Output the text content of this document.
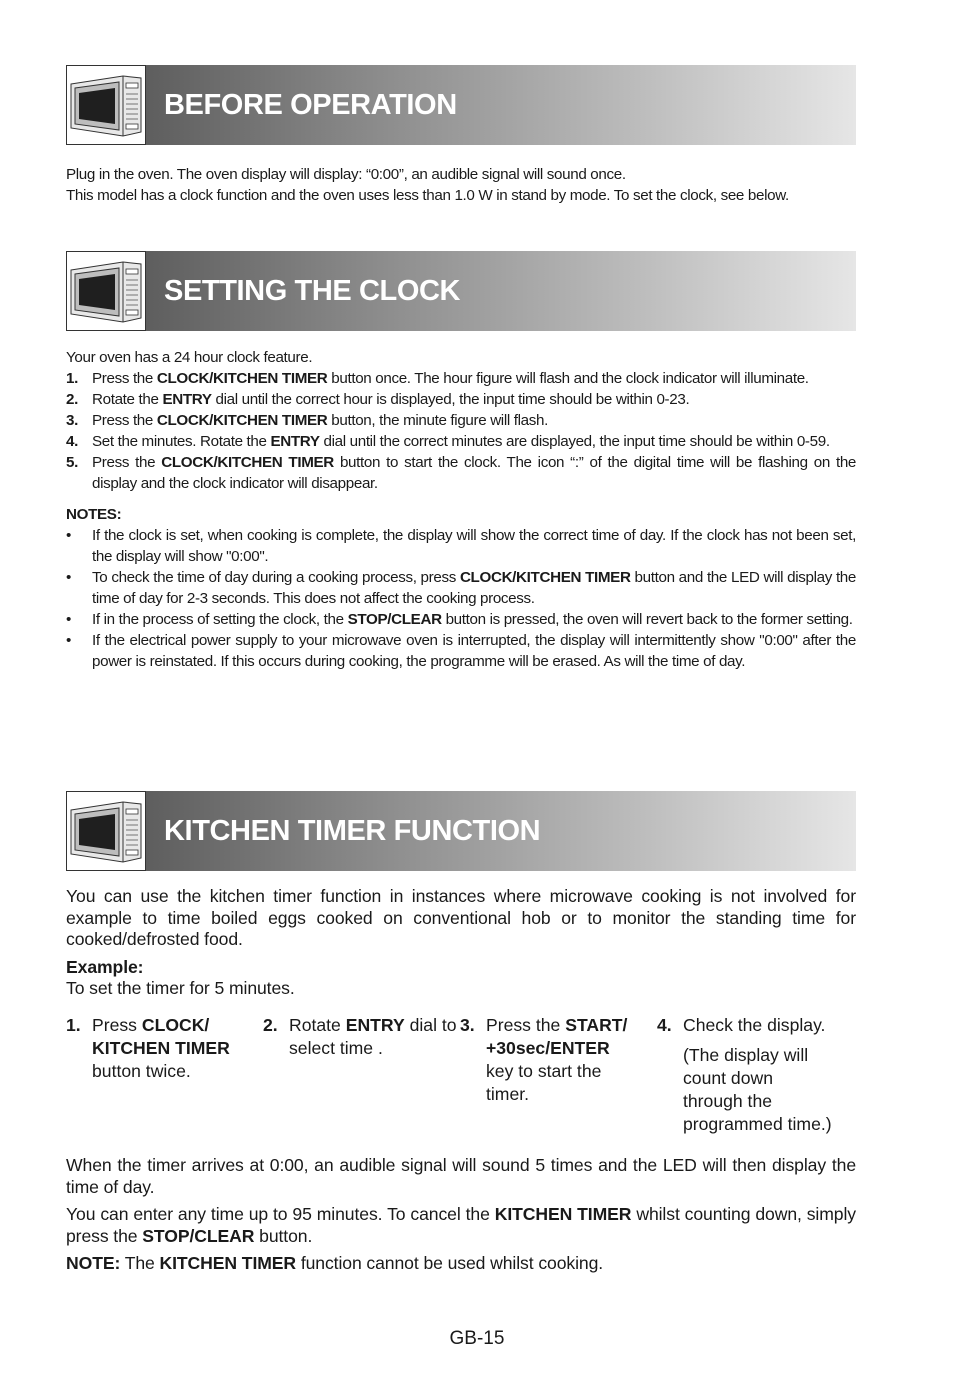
BEFORE OPERATION

Plug in the oven. The oven display will display: “0:00”, an audible signal will sound once.

This model has a clock function and the oven uses less than 1.0 W in stand by mode. To set the clock, see below.

SETTING THE CLOCK

Your oven has a 24 hour clock feature.

1. Press the CLOCK/KITCHEN TIMER button once. The hour figure will flash and the clock indicator will illuminate.
2. Rotate the ENTRY dial until the correct hour is displayed, the input time should be within 0-23.
3. Press the CLOCK/KITCHEN TIMER button, the minute figure will flash.
4. Set the minutes. Rotate the ENTRY dial until the correct minutes are displayed, the input time should be within 0-59.
5. Press the CLOCK/KITCHEN TIMER button to start the clock. The icon “:” of the digital time will be flashing on the display and the clock indicator will disappear.

NOTES:

• If the clock is set, when cooking is complete, the display will show the correct time of day. If the clock has not been set, the display will show "0:00".
• To check the time of day during a cooking process, press CLOCK/KITCHEN TIMER button and the LED will display the time of day for 2-3 seconds. This does not affect the cooking process.
• If in the process of setting the clock, the STOP/CLEAR button is pressed, the oven will revert back to the former setting.
• If the electrical power supply to your microwave oven is interrupted, the display will intermittently show "0:00" after the power is reinstated. If this occurs during cooking, the programme will be erased. As will the time of day.
KITCHEN TIMER FUNCTION

You can use the kitchen timer function in instances where microwave cooking is not involved for example to time boiled eggs cooked on conventional hob or to monitor the standing time for cooked/defrosted food.

Example:

To set the timer for 5 minutes.

1. Press CLOCK/ KITCHEN TIMER button twice.

2. Rotate ENTRY dial to select time .

3. Press the START/ +30sec/ENTER key to start the timer.

4. Check the display.

(The display will count down through the programmed time.)

When the timer arrives at 0:00, an audible signal will sound 5 times and the LED will then display the time of day.

You can enter any time up to 95 minutes. To cancel the KITCHEN TIMER whilst counting down, simply press the STOP/CLEAR button.

NOTE: The KITCHEN TIMER function cannot be used whilst cooking.

GB-15
